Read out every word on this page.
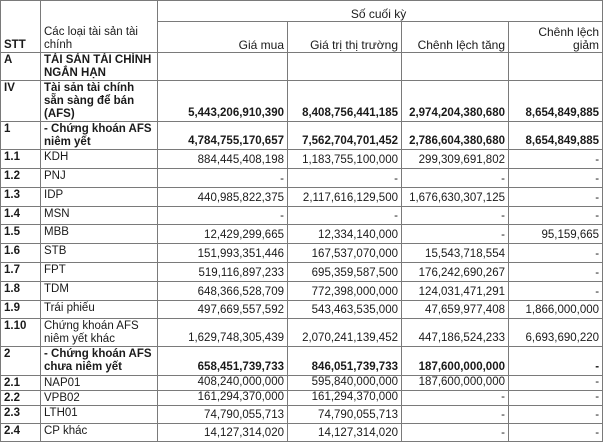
STT	Các loại tài sản tài chính	Số cuối kỳ			
		Giá mua	Giá trị thị trường	Chênh lệch tăng	Chênh lệch giảm
A	TÀI SẢN TÀI CHÍNH NGẮN HẠN				
IV	Tài sản tài chính sẵn sàng để bán (AFS)	5,443,206,910,390	8,408,756,441,185	2,974,204,380,680	8,654,849,885
1	- Chứng khoán AFS niêm yết	4,784,755,170,657	7,562,704,701,452	2,786,604,380,680	8,654,849,885
1.1	KDH	884,445,408,198	1,183,755,100,000	299,309,691,802	-
1.2	PNJ	-	-	-	-
1.3	IDP	440,985,822,375	2,117,616,129,500	1,676,630,307,125	-
1.4	MSN	-	-	-	-
1.5	MBB	12,429,299,665	12,334,140,000	-	95,159,665
1.6	STB	151,993,351,446	167,537,070,000	15,543,718,554	-
1.7	FPT	519,116,897,233	695,359,587,500	176,242,690,267	-
1.8	TDM	648,366,528,709	772,398,000,000	124,031,471,291	-
1.9	Trái phiếu	497,669,557,592	543,463,535,000	47,659,977,408	1,866,000,000
1.10	Chứng khoán AFS niêm yết khác	1,629,748,305,439	2,070,241,139,452	447,186,524,233	6,693,690,220
2	- Chứng khoán AFS chưa niêm yết	658,451,739,733	846,051,739,733	187,600,000,000	-
2.1	NAP01	408,240,000,000	595,840,000,000	187,600,000,000	-
2.2	VPB02	161,294,370,000	161,294,370,000	-	-
2.3	LTH01	74,790,055,713	74,790,055,713	-	-
2.4	CP khác	14,127,314,020	14,127,314,020	-	-
